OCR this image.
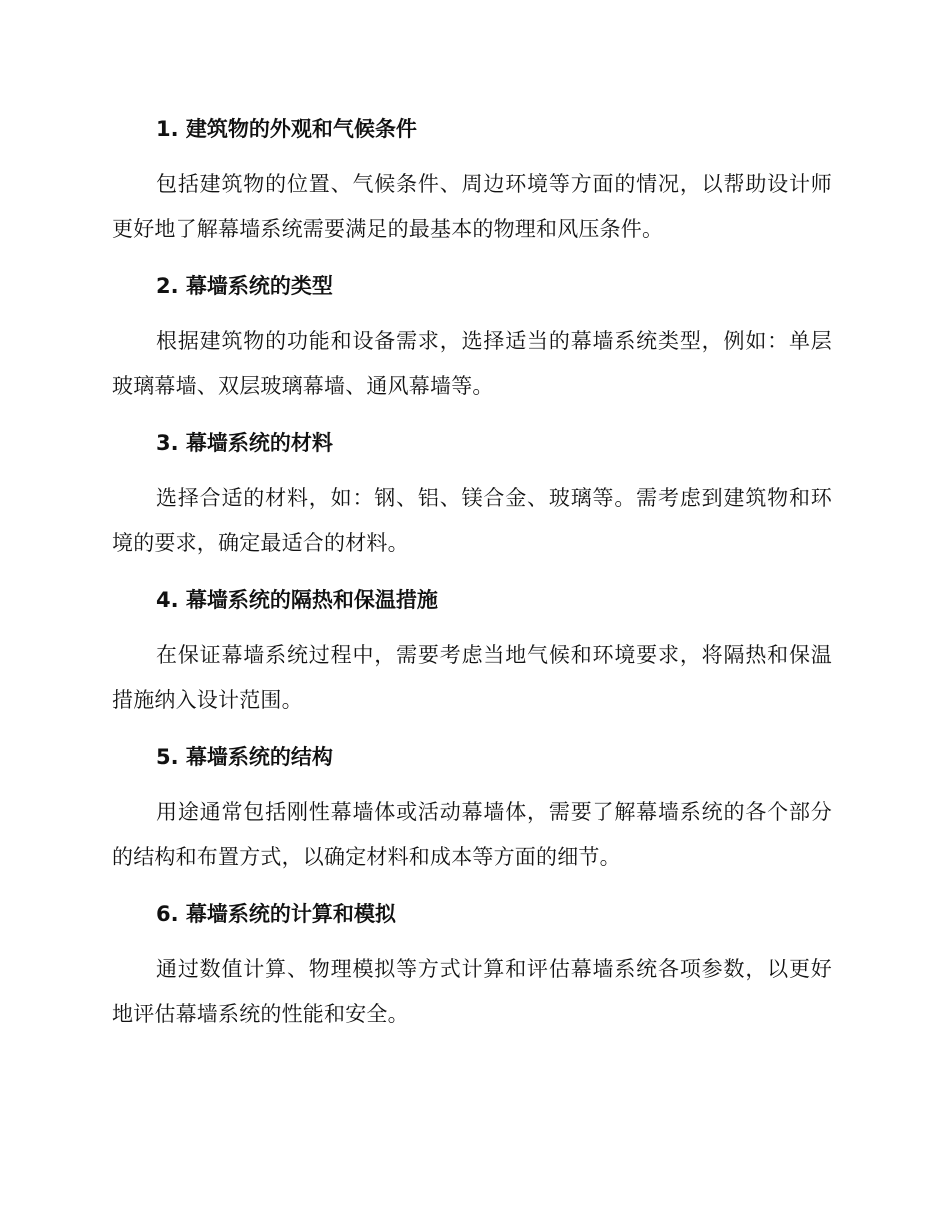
1. 建筑物的外观和气候条件

包括建筑物的位置、气候条件、周边环境等方面的情况，以帮助设计师更好地了解幕墙系统需要满足的最基本的物理和风压条件。

2. 幕墙系统的类型

根据建筑物的功能和设备需求，选择适当的幕墙系统类型，例如：单层玻璃幕墙、双层玻璃幕墙、通风幕墙等。

3. 幕墙系统的材料

选择合适的材料，如：钢、铝、镁合金、玻璃等。需考虑到建筑物和环境的要求，确定最适合的材料。

4. 幕墙系统的隔热和保温措施

在保证幕墙系统过程中，需要考虑当地气候和环境要求，将隔热和保温措施纳入设计范围。

5. 幕墙系统的结构

用途通常包括刚性幕墙体或活动幕墙体，需要了解幕墙系统的各个部分的结构和布置方式，以确定材料和成本等方面的细节。

6. 幕墙系统的计算和模拟

通过数值计算、物理模拟等方式计算和评估幕墙系统各项参数，以更好地评估幕墙系统的性能和安全。
